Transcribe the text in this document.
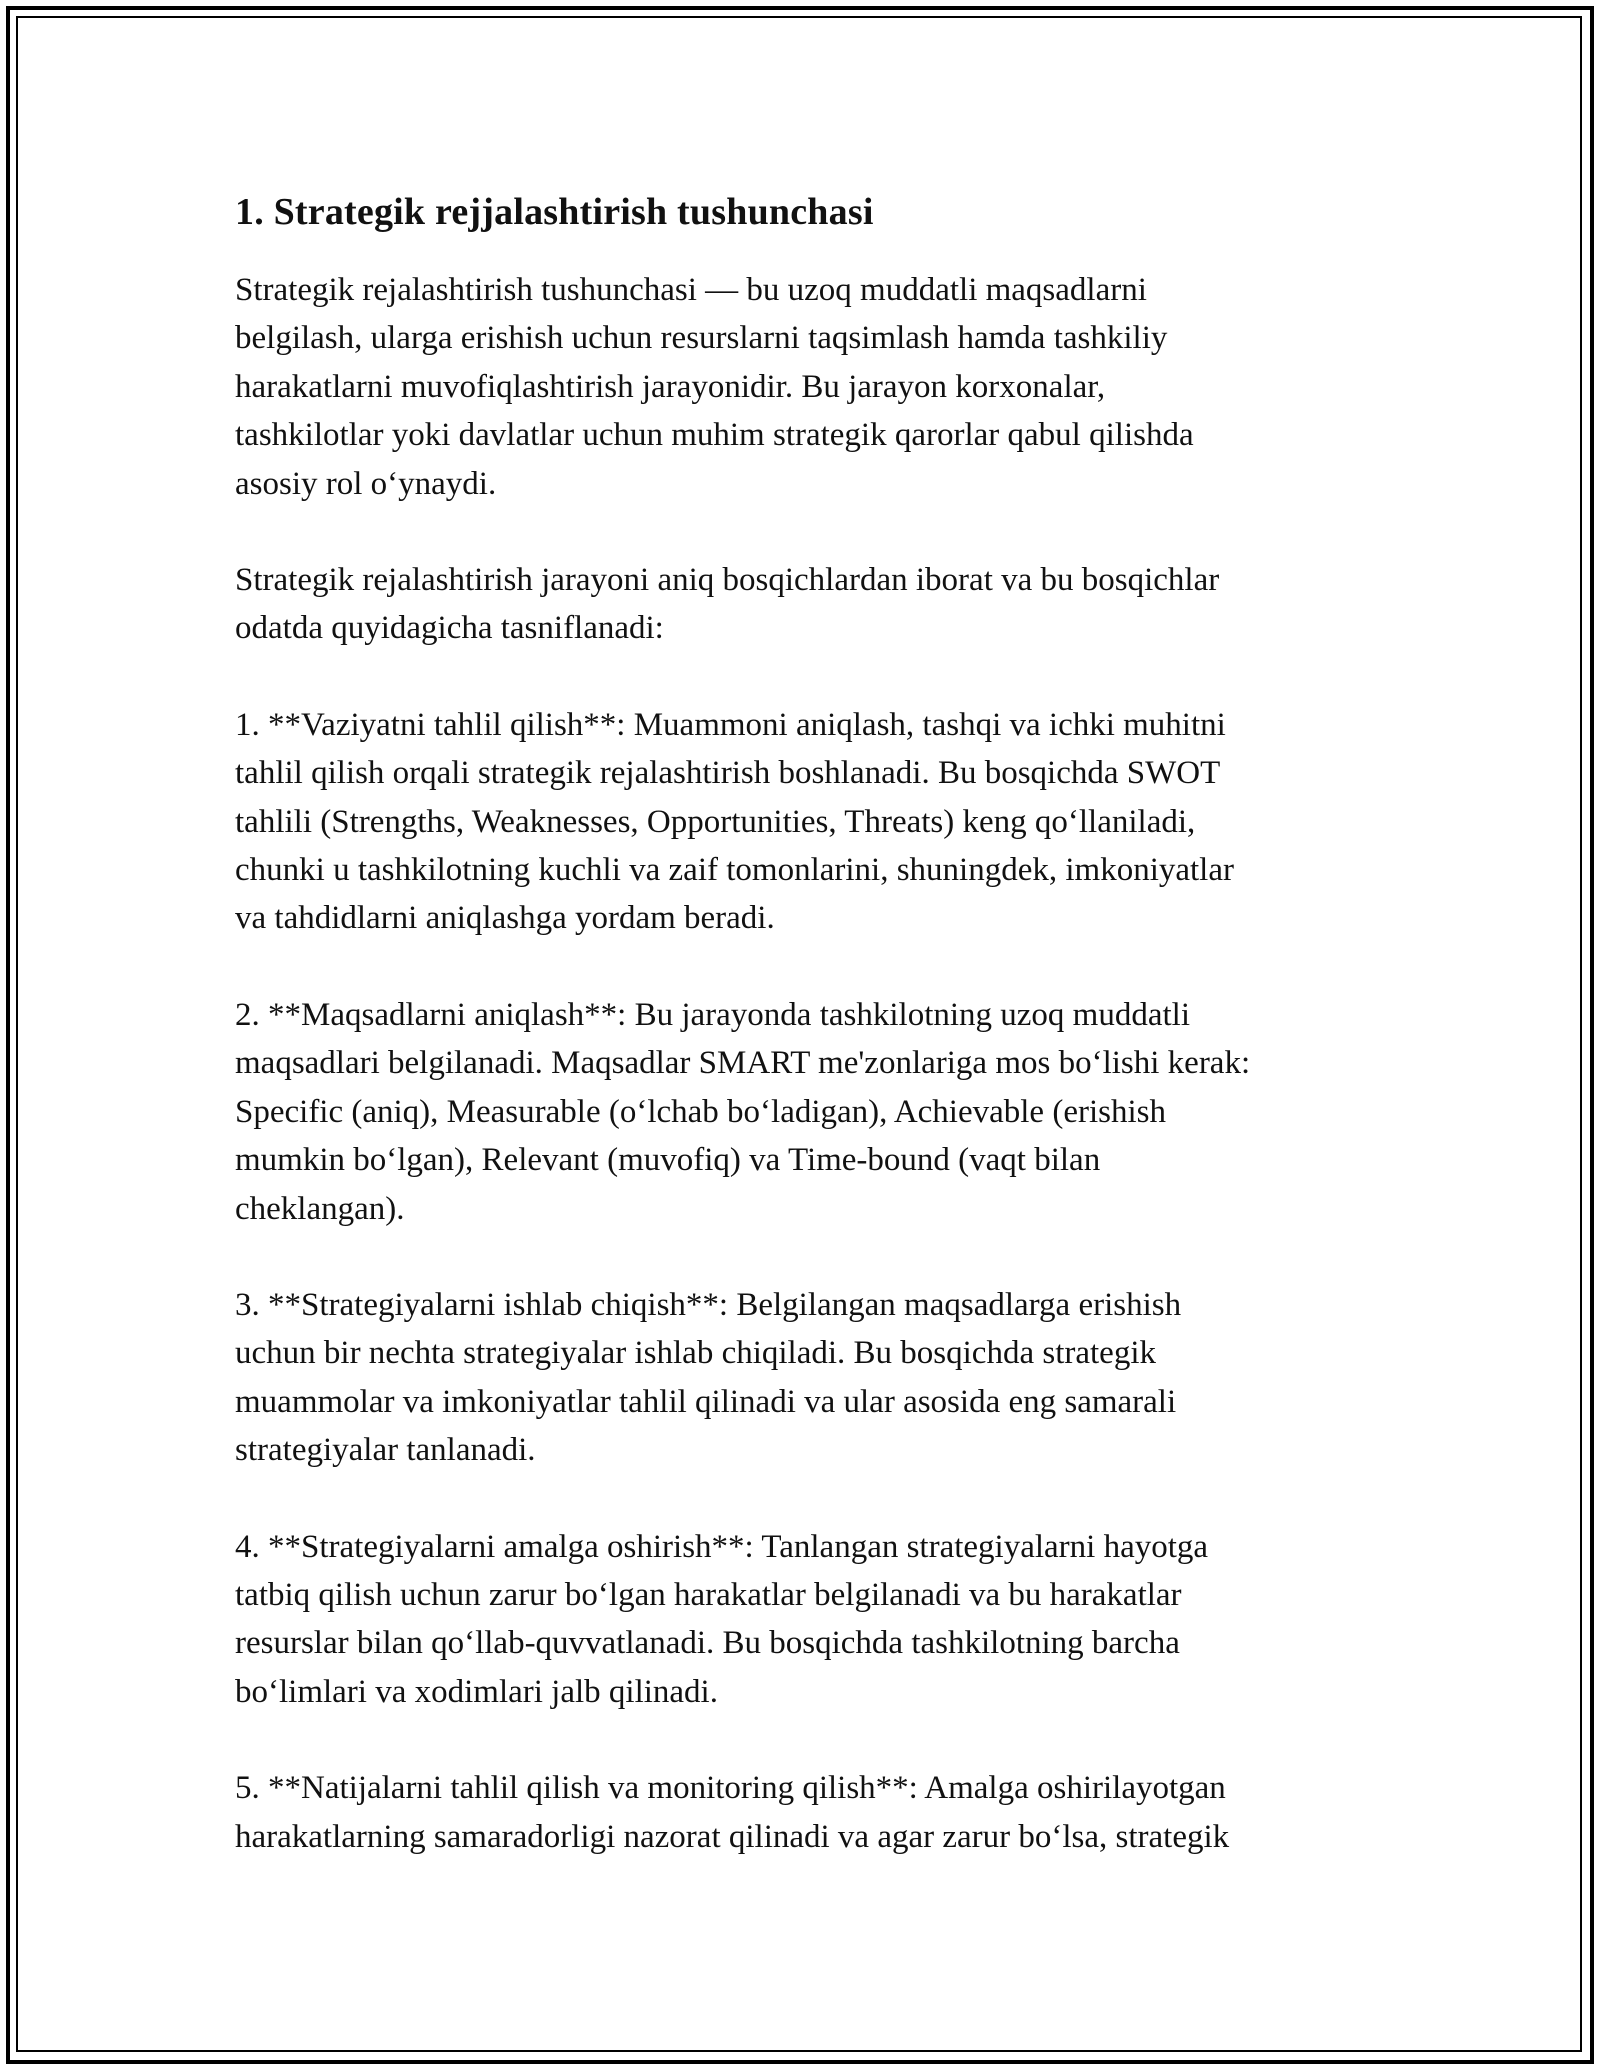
1. Strategik rejjalashtirish tushunchasi

Strategik rejalashtirish tushunchasi — bu uzoq muddatli maqsadlarni
belgilash, ularga erishish uchun resurslarni taqsimlash hamda tashkiliy
harakatlarni muvofiqlashtirish jarayonidir. Bu jarayon korxonalar,
tashkilotlar yoki davlatlar uchun muhim strategik qarorlar qabul qilishda
asosiy rol o‘ynaydi.

Strategik rejalashtirish jarayoni aniq bosqichlardan iborat va bu bosqichlar
odatda quyidagicha tasniflanadi:

1. **Vaziyatni tahlil qilish**: Muammoni aniqlash, tashqi va ichki muhitni
tahlil qilish orqali strategik rejalashtirish boshlanadi. Bu bosqichda SWOT
tahlili (Strengths, Weaknesses, Opportunities, Threats) keng qo‘llaniladi,
chunki u tashkilotning kuchli va zaif tomonlarini, shuningdek, imkoniyatlar
va tahdidlarni aniqlashga yordam beradi.

2. **Maqsadlarni aniqlash**: Bu jarayonda tashkilotning uzoq muddatli
maqsadlari belgilanadi. Maqsadlar SMART me'zonlariga mos bo‘lishi kerak:
Specific (aniq), Measurable (o‘lchab bo‘ladigan), Achievable (erishish
mumkin bo‘lgan), Relevant (muvofiq) va Time-bound (vaqt bilan
cheklangan).

3. **Strategiyalarni ishlab chiqish**: Belgilangan maqsadlarga erishish
uchun bir nechta strategiyalar ishlab chiqiladi. Bu bosqichda strategik
muammolar va imkoniyatlar tahlil qilinadi va ular asosida eng samarali
strategiyalar tanlanadi.

4. **Strategiyalarni amalga oshirish**: Tanlangan strategiyalarni hayotga
tatbiq qilish uchun zarur bo‘lgan harakatlar belgilanadi va bu harakatlar
resurslar bilan qo‘llab-quvvatlanadi. Bu bosqichda tashkilotning barcha
bo‘limlari va xodimlari jalb qilinadi.

5. **Natijalarni tahlil qilish va monitoring qilish**: Amalga oshirilayotgan
harakatlarning samaradorligi nazorat qilinadi va agar zarur bo‘lsa, strategik
